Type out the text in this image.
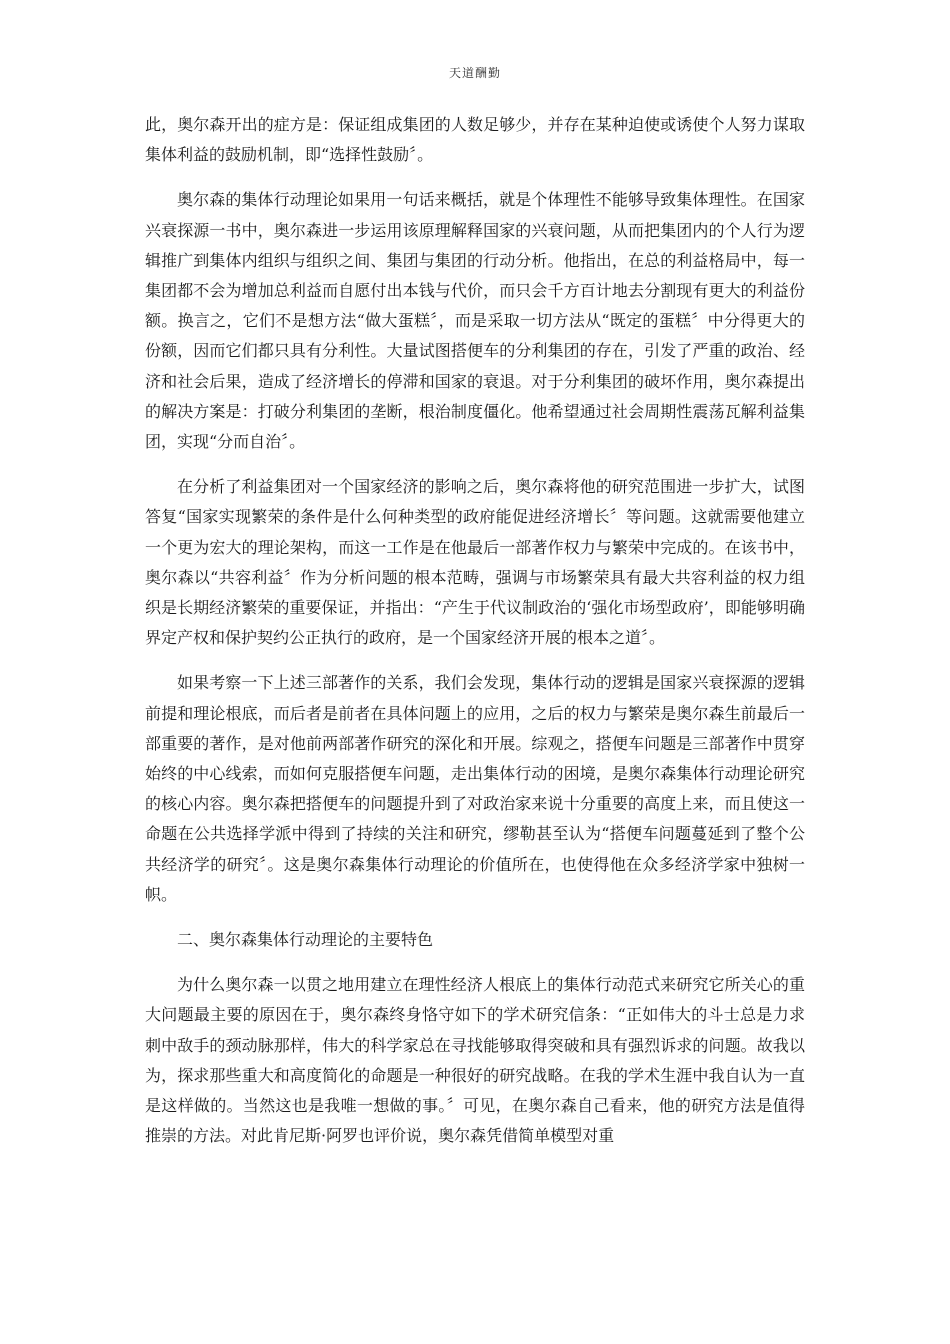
天道酬勤

此，奥尔森开出的症方是：保证组成集团的人数足够少，并存在某种迫使或诱使个人努力谋取集体利益的鼓励机制，即“选择性鼓励〞。

奥尔森的集体行动理论如果用一句话来概括，就是个体理性不能够导致集体理性。在国家兴衰探源一书中，奥尔森进一步运用该原理解释国家的兴衰问题，从而把集团内的个人行为逻辑推广到集体内组织与组织之间、集团与集团的行动分析。他指出，在总的利益格局中，每一集团都不会为增加总利益而自愿付出本钱与代价，而只会千方百计地去分割现有更大的利益份额。换言之，它们不是想方法“做大蛋糕〞，而是采取一切方法从“既定的蛋糕〞中分得更大的份额，因而它们都只具有分利性。大量试图搭便车的分利集团的存在，引发了严重的政治、经济和社会后果，造成了经济增长的停滞和国家的衰退。对于分利集团的破坏作用，奥尔森提出的解决方案是：打破分利集团的垄断，根治制度僵化。他希望通过社会周期性震荡瓦解利益集团，实现“分而自治〞。

在分析了利益集团对一个国家经济的影响之后，奥尔森将他的研究范围进一步扩大，试图答复“国家实现繁荣的条件是什么何种类型的政府能促进经济增长〞等问题。这就需要他建立一个更为宏大的理论架构，而这一工作是在他最后一部著作权力与繁荣中完成的。在该书中，奥尔森以“共容利益〞作为分析问题的根本范畴，强调与市场繁荣具有最大共容利益的权力组织是长期经济繁荣的重要保证，并指出：“产生于代议制政治的‘强化市场型政府’，即能够明确界定产权和保护契约公正执行的政府，是一个国家经济开展的根本之道〞。

如果考察一下上述三部著作的关系，我们会发现，集体行动的逻辑是国家兴衰探源的逻辑前提和理论根底，而后者是前者在具体问题上的应用，之后的权力与繁荣是奥尔森生前最后一部重要的著作，是对他前两部著作研究的深化和开展。综观之，搭便车问题是三部著作中贯穿始终的中心线索，而如何克服搭便车问题，走出集体行动的困境，是奥尔森集体行动理论研究的核心内容。奥尔森把搭便车的问题提升到了对政治家来说十分重要的高度上来，而且使这一命题在公共选择学派中得到了持续的关注和研究，缪勒甚至认为“搭便车问题蔓延到了整个公共经济学的研究〞。这是奥尔森集体行动理论的价值所在，也使得他在众多经济学家中独树一帜。

二、奥尔森集体行动理论的主要特色

为什么奥尔森一以贯之地用建立在理性经济人根底上的集体行动范式来研究它所关心的重大问题最主要的原因在于，奥尔森终身恪守如下的学术研究信条：“正如伟大的斗士总是力求刺中敌手的颈动脉那样，伟大的科学家总在寻找能够取得突破和具有强烈诉求的问题。故我以为，探求那些重大和高度简化的命题是一种很好的研究战略。在我的学术生涯中我自认为一直是这样做的。当然这也是我唯一想做的事。〞可见，在奥尔森自己看来，他的研究方法是值得推崇的方法。对此肯尼斯·阿罗也评价说，奥尔森凭借简单模型对重
